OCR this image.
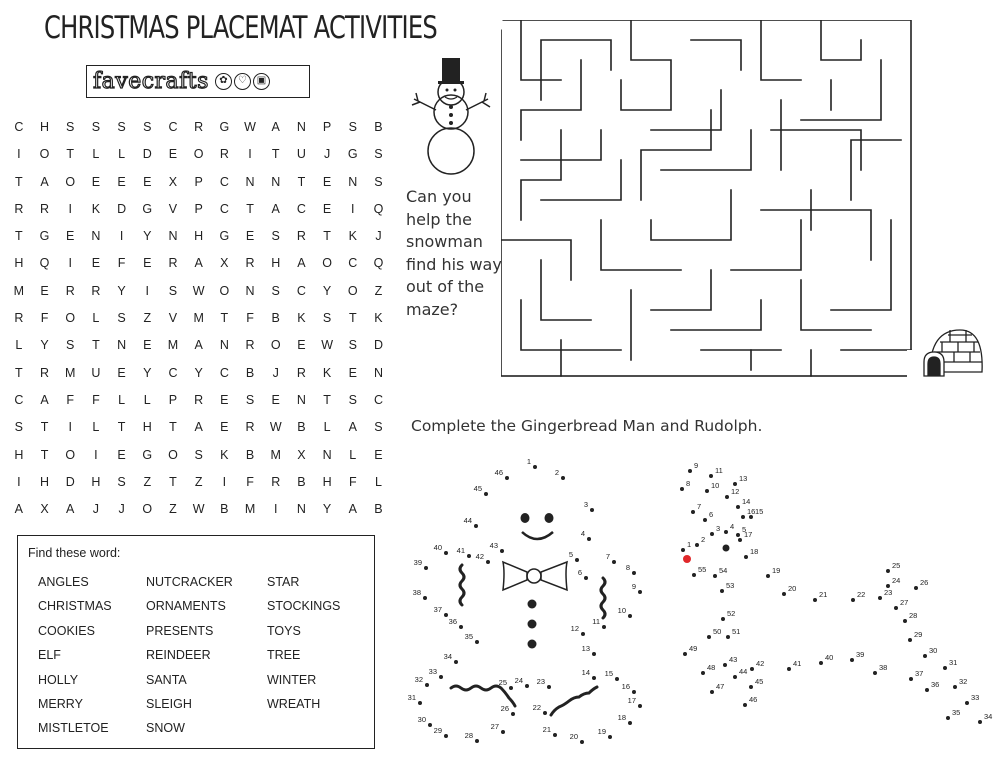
CHRISTMAS PLACEMAT ACTIVITIES
favecrafts	✿	♡ ▣
C	H	S	S	S	S	C	R	G	W	A	N	P	S	B
I	O	T	L	L	D	E	O	R	I	T	U	J	G	S
T	A	O	E	E	E	X	P	C	N	N	T	E	N	S
R	R	I	K	D	G	V	P	C	T	A	C	E	I	Q
T	G	E	N	I	Y	N	H	G	E	S	R	T	K	J
H	Q	I	E	F	E	R	A	X	R	H	A	O	C	Q
M	E	R	R	Y	I	S	W	O	N	S	C	Y	O	Z
R	F	O	L	S	Z	V	M	T	F	B	K	S	T	K
L	Y	S	T	N	E	M	A	N	R	O	E	W	S	D
T	R	M	U	E	Y	C	Y	C	B	J	R	K	E	N
C	A	F	F	L	L	P	R	E	S	E	N	T	S	C
S	T	I	L	T	H	T	A	E	R	W	B	L	A	S
H	T	O	I	E	G	O	S	K	B	M	X	N	L	E
I	H	D	H	S	Z	T	Z	I	F	R	B	H	F	L
A	X	A	J	J	O	Z	W	B	M	I	N	Y	A	B
Find these word:
ANGLES
CHRISTMAS
COOKIES
ELF
HOLLY
MERRY
MISTLETOE
NUTCRACKER
ORNAMENTS
PRESENTS
REINDEER
SANTA
SLEIGH
SNOW
STAR
STOCKINGS
TOYS
TREE
WINTER
WREATH
Can you help the snowman find his way out of the maze?
Complete the Gingerbread Man and Rudolph.
1
2
3
4
5
6
7
8
9
10
11
12
13
14 15
16
17
18
19
20
21
22
23
24
25
26
27
28
29
30
31
32
33
34
35
36
37
38
39
40 41
42
43
44
45
46
1
2
3 4 5
6
7
8
9
10
11
12
13
14
15
16
17
18
19
20
21	22 23
24
25
26
27
28
29
30
31
32
33
34
35
36
37
38
39
40
41
42
43
44
45
46
47
48
49
50 51
52
53
54
55
